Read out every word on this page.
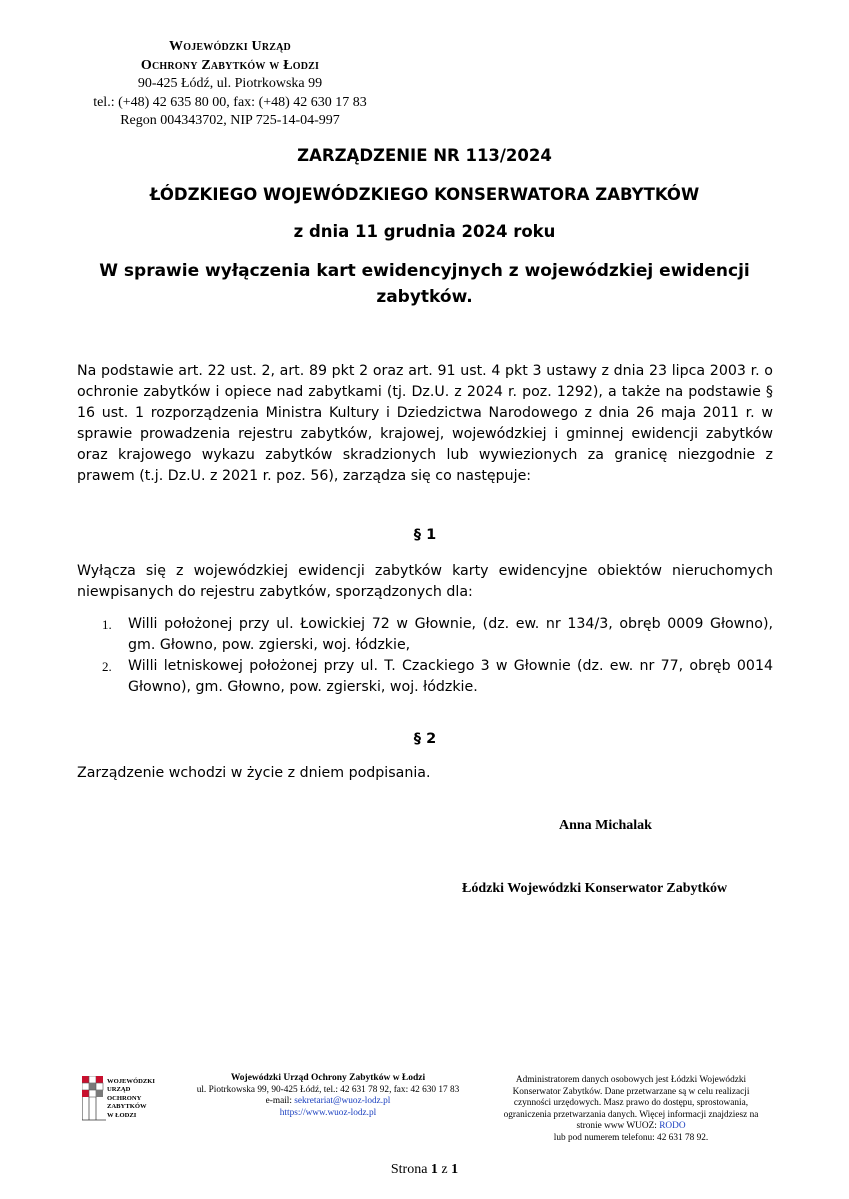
Wojewódzki Urząd
Ochrony Zabytków w Łodzi
90-425 Łódź, ul. Piotrkowska 99
tel.: (+48) 42 635 80 00, fax: (+48) 42 630 17 83
Regon 004343702, NIP 725-14-04-997
ZARZĄDZENIE NR 113/2024
ŁÓDZKIEGO WOJEWÓDZKIEGO KONSERWATORA ZABYTKÓW
z dnia 11 grudnia 2024 roku
W sprawie wyłączenia kart ewidencyjnych z wojewódzkiej ewidencji
zabytków.
Na podstawie art. 22 ust. 2, art. 89 pkt 2 oraz art. 91 ust. 4 pkt 3 ustawy z dnia 23 lipca 2003 r. o ochronie zabytków i opiece nad zabytkami (tj. Dz.U. z 2024 r. poz. 1292), a także na podstawie § 16 ust. 1 rozporządzenia Ministra Kultury i Dziedzictwa Narodowego z dnia 26 maja 2011 r. w sprawie prowadzenia rejestru zabytków, krajowej, wojewódzkiej i gminnej ewidencji zabytków oraz krajowego wykazu zabytków skradzionych lub wywiezionych za granicę niezgodnie z prawem (t.j. Dz.U. z 2021 r. poz. 56), zarządza się co następuje:
§ 1
Wyłącza się z wojewódzkiej ewidencji zabytków karty ewidencyjne obiektów nieruchomych niewpisanych do rejestru zabytków, sporządzonych dla:
1. Willi położonej przy ul. Łowickiej 72 w Głownie, (dz. ew. nr 134/3, obręb 0009 Głowno), gm. Głowno, pow. zgierski, woj. łódzkie,
2. Willi letniskowej położonej przy ul. T. Czackiego 3 w Głownie (dz. ew. nr 77, obręb 0014 Głowno), gm. Głowno, pow. zgierski, woj. łódzkie.
§ 2
Zarządzenie wchodzi w życie z dniem podpisania.
Anna Michalak
Łódzki Wojewódzki Konserwator Zabytków
WOJEWÓDZKI
URZĄD
OCHRONY
ZABYTKÓW
W ŁODZI
Wojewódzki Urząd Ochrony Zabytków w Łodzi
ul. Piotrkowska 99, 90-425 Łódź, tel.: 42 631 78 92, fax: 42 630 17 83
e-mail: sekretariat@wuoz-lodz.pl
https://www.wuoz-lodz.pl
Administratorem danych osobowych jest Łódzki Wojewódzki Konserwator Zabytków. Dane przetwarzane są w celu realizacji czynności urzędowych. Masz prawo do dostępu, sprostowania, ograniczenia przetwarzania danych. Więcej informacji znajdziesz na stronie www WUOZ: RODO
lub pod numerem telefonu: 42 631 78 92.
Strona 1 z 1
